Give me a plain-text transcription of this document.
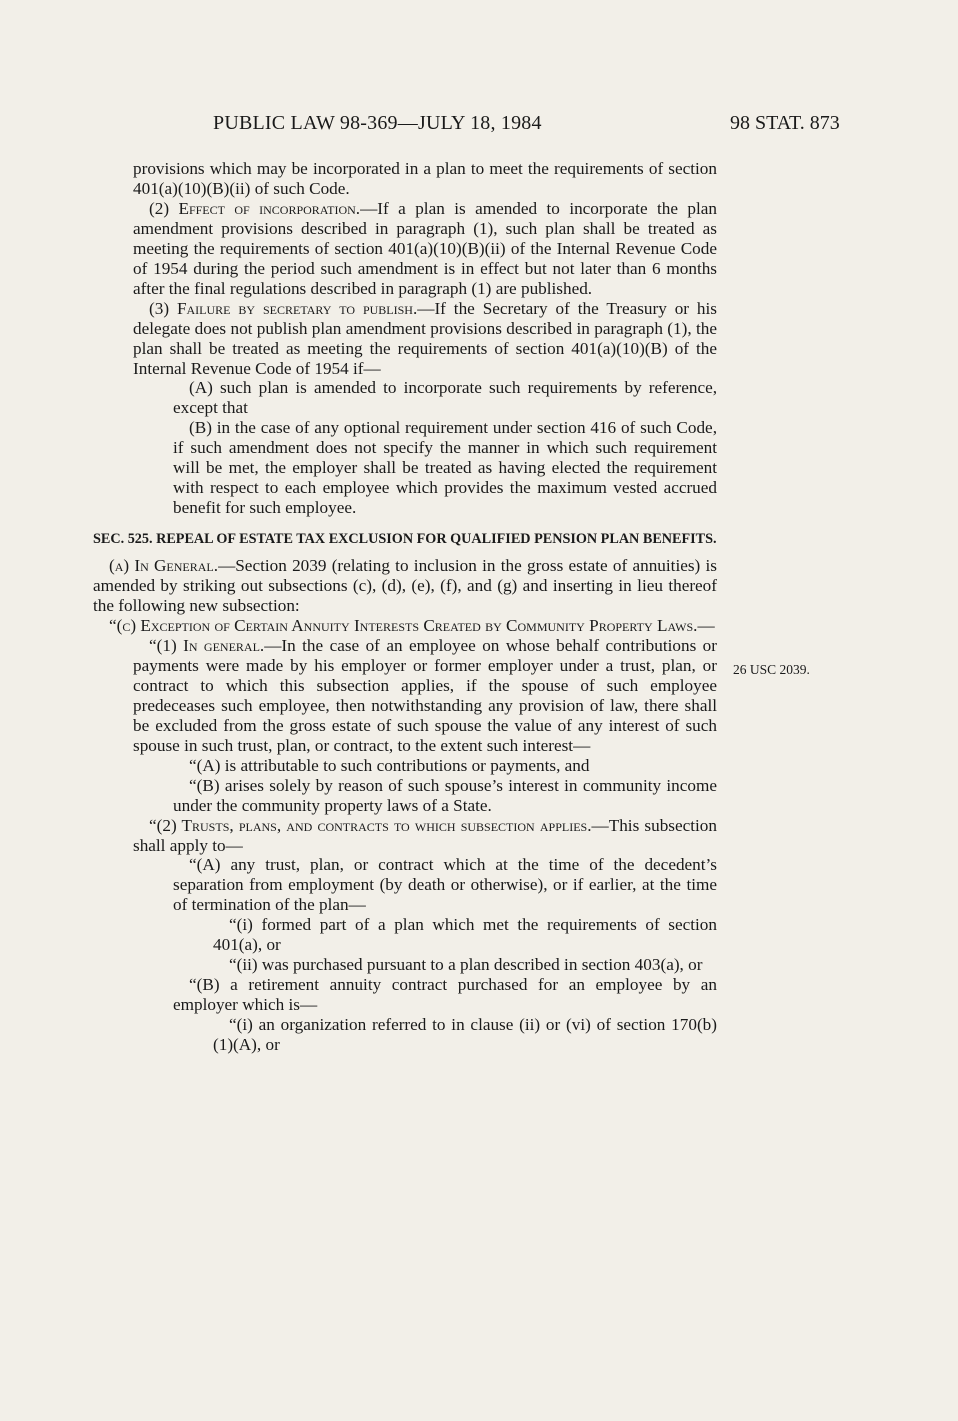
PUBLIC LAW 98-369—JULY 18, 1984	98 STAT. 873
26 USC 2039.

provisions which may be incorporated in a plan to meet the requirements of section 401(a)(10)(B)(ii) of such Code.

(2) Effect of incorporation.—If a plan is amended to incorporate the plan amendment provisions described in paragraph (1), such plan shall be treated as meeting the requirements of section 401(a)(10)(B)(ii) of the Internal Revenue Code of 1954 during the period such amendment is in effect but not later than 6 months after the final regulations described in paragraph (1) are published.

(3) Failure by secretary to publish.—If the Secretary of the Treasury or his delegate does not publish plan amendment provisions described in paragraph (1), the plan shall be treated as meeting the requirements of section 401(a)(10)(B) of the Internal Revenue Code of 1954 if—

(A) such plan is amended to incorporate such requirements by reference, except that

(B) in the case of any optional requirement under section 416 of such Code, if such amendment does not specify the manner in which such requirement will be met, the employer shall be treated as having elected the requirement with respect to each employee which provides the maximum vested accrued benefit for such employee.

SEC. 525. REPEAL OF ESTATE TAX EXCLUSION FOR QUALIFIED PENSION PLAN BENEFITS.

(a) In General.—Section 2039 (relating to inclusion in the gross estate of annuities) is amended by striking out subsections (c), (d), (e), (f), and (g) and inserting in lieu thereof the following new subsection:

“(c) Exception of Certain Annuity Interests Created by Community Property Laws.—

“(1) In general.—In the case of an employee on whose behalf contributions or payments were made by his employer or former employer under a trust, plan, or contract to which this subsection applies, if the spouse of such employee predeceases such employee, then notwithstanding any provision of law, there shall be excluded from the gross estate of such spouse the value of any interest of such spouse in such trust, plan, or contract, to the extent such interest—

“(A) is attributable to such contributions or payments, and

“(B) arises solely by reason of such spouse’s interest in community income under the community property laws of a State.

“(2) Trusts, plans, and contracts to which subsection applies.—This subsection shall apply to—

“(A) any trust, plan, or contract which at the time of the decedent’s separation from employment (by death or otherwise), or if earlier, at the time of termination of the plan—

“(i) formed part of a plan which met the requirements of section 401(a), or

“(ii) was purchased pursuant to a plan described in section 403(a), or

“(B) a retirement annuity contract purchased for an employee by an employer which is—

“(i) an organization referred to in clause (ii) or (vi) of section 170(b)(1)(A), or
